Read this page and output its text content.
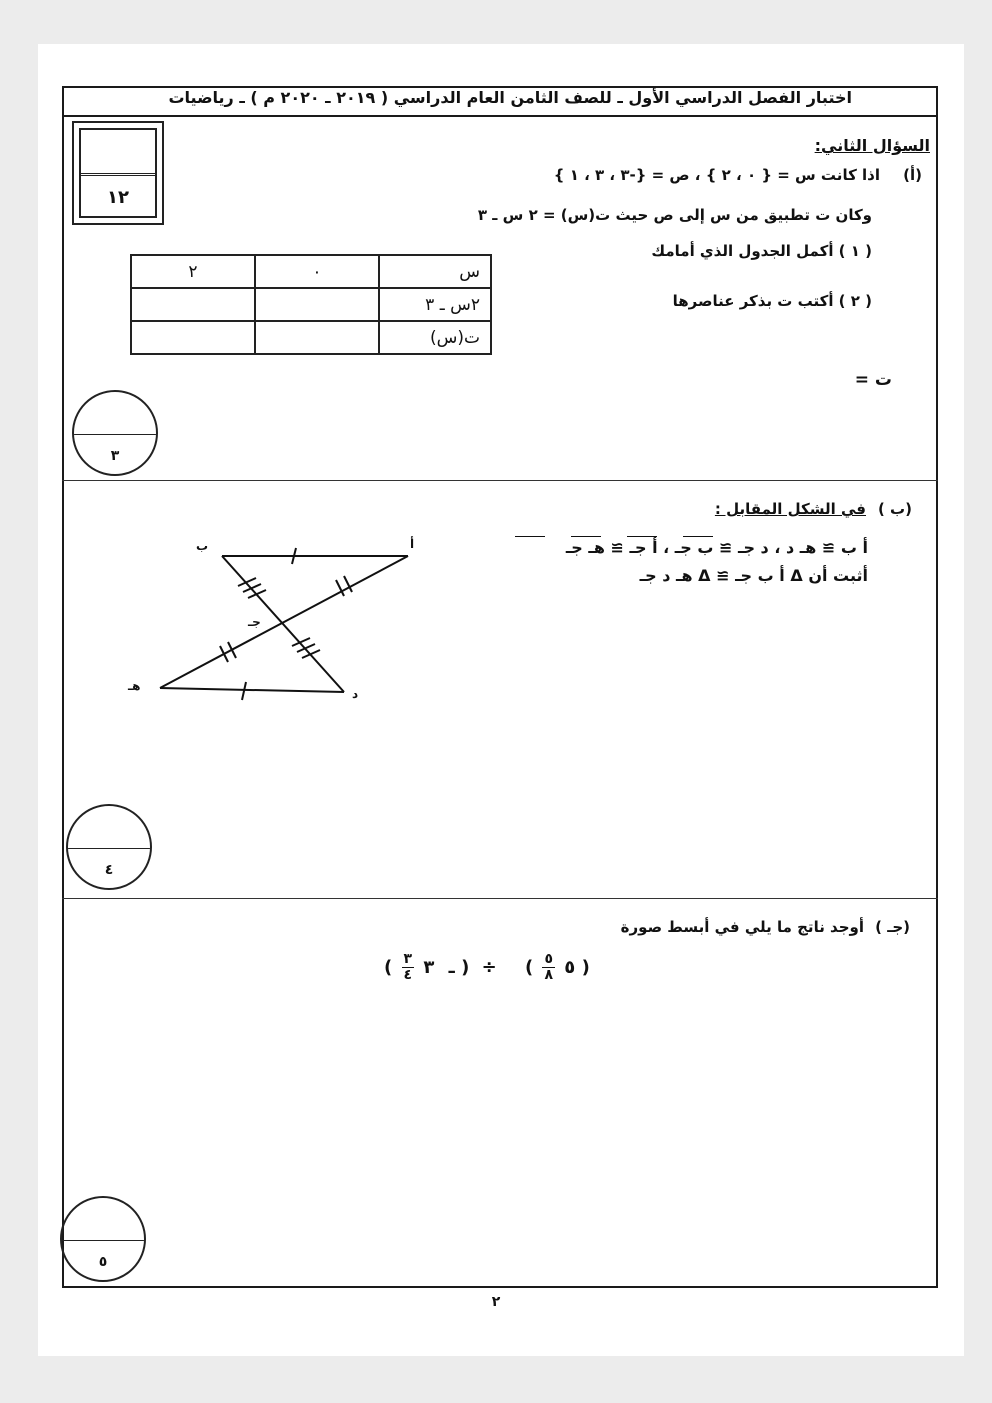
اختبار الفصل الدراسي الأول ـ للصف الثامن العام الدراسي ( ٢٠١٩ ـ ٢٠٢٠ م ) ـ رياضيات
١٢
السؤال الثاني:
(أ)
اذا كانت س = { ٠ ، ٢ } ، ص = {-٣ ، ٣ ، ١ }
وكان ت تطبيق من س إلى ص حيث ت(س) = ٢ س ـ ٣
( ١ ) أكمل الجدول الذي أمامك
( ٢ ) أكتب ت بذكر عناصرها
ت =
س	٠	٢
٢س ـ ٣		
ت(س)		
٣
(ب )
في الشكل المقابل :
أ ب ≅ هـ د ، د جـ ≅ ب جـ ، أ جـ ≅ هـ جـ
أثبت أن Δ أ ب جـ ≅ Δ هـ د جـ
أ
ب
جـ
د
هـ
٤
(جـ )
أوجد ناتج ما يلي في أبسط صورة
( ٥
$\frac{٥}{٨}$
) ÷ ( ـ ٣
$\frac{٣}{٤}$
)
٥
٢
